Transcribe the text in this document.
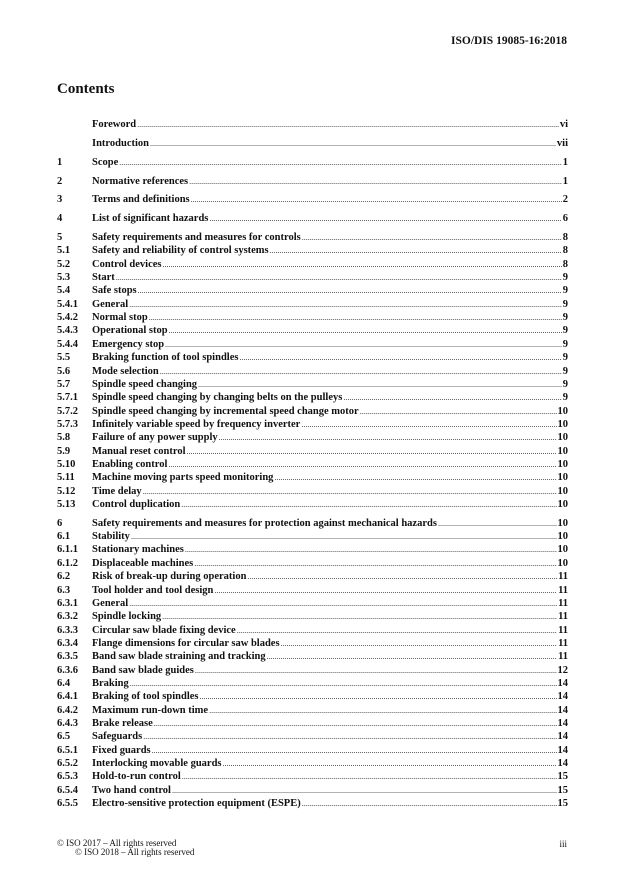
ISO/DIS 19085-16:2018
Contents
Foreword .....	vi
Introduction .....	vii
1	Scope .....	1
2	Normative references .....	1
3	Terms and definitions .....	2
4	List of significant hazards .....	6
5	Safety requirements and measures for controls .....	8
5.1	Safety and reliability of control systems .....	8
5.2	Control devices .....	8
5.3	Start .....	9
5.4	Safe stops .....	9
5.4.1	General .....	9
5.4.2	Normal stop .....	9
5.4.3	Operational stop .....	9
5.4.4	Emergency stop .....	9
5.5	Braking function of tool spindles .....	9
5.6	Mode selection .....	9
5.7	Spindle speed changing .....	9
5.7.1	Spindle speed changing by changing belts on the pulleys .....	9
5.7.2	Spindle speed changing by incremental speed change motor .....	10
5.7.3	Infinitely variable speed by frequency inverter .....	10
5.8	Failure of any power supply .....	10
5.9	Manual reset control .....	10
5.10	Enabling control .....	10
5.11	Machine moving parts speed monitoring .....	10
5.12	Time delay .....	10
5.13	Control duplication .....	10
6	Safety requirements and measures for protection against mechanical hazards .....	10
6.1	Stability .....	10
6.1.1	Stationary machines .....	10
6.1.2	Displaceable machines .....	10
6.2	Risk of break-up during operation .....	11
6.3	Tool holder and tool design .....	11
6.3.1	General .....	11
6.3.2	Spindle locking .....	11
6.3.3	Circular saw blade fixing device .....	11
6.3.4	Flange dimensions for circular saw blades .....	11
6.3.5	Band saw blade straining and tracking .....	11
6.3.6	Band saw blade guides .....	12
6.4	Braking .....	14
6.4.1	Braking of tool spindles .....	14
6.4.2	Maximum run-down time .....	14
6.4.3	Brake release .....	14
6.5	Safeguards .....	14
6.5.1	Fixed guards .....	14
6.5.2	Interlocking movable guards .....	14
6.5.3	Hold-to-run control .....	15
6.5.4	Two hand control .....	15
6.5.5	Electro-sensitive protection equipment (ESPE) .....	15
© ISO 2017 – All rights reserved
© ISO 2018 – All rights reserved
iii
